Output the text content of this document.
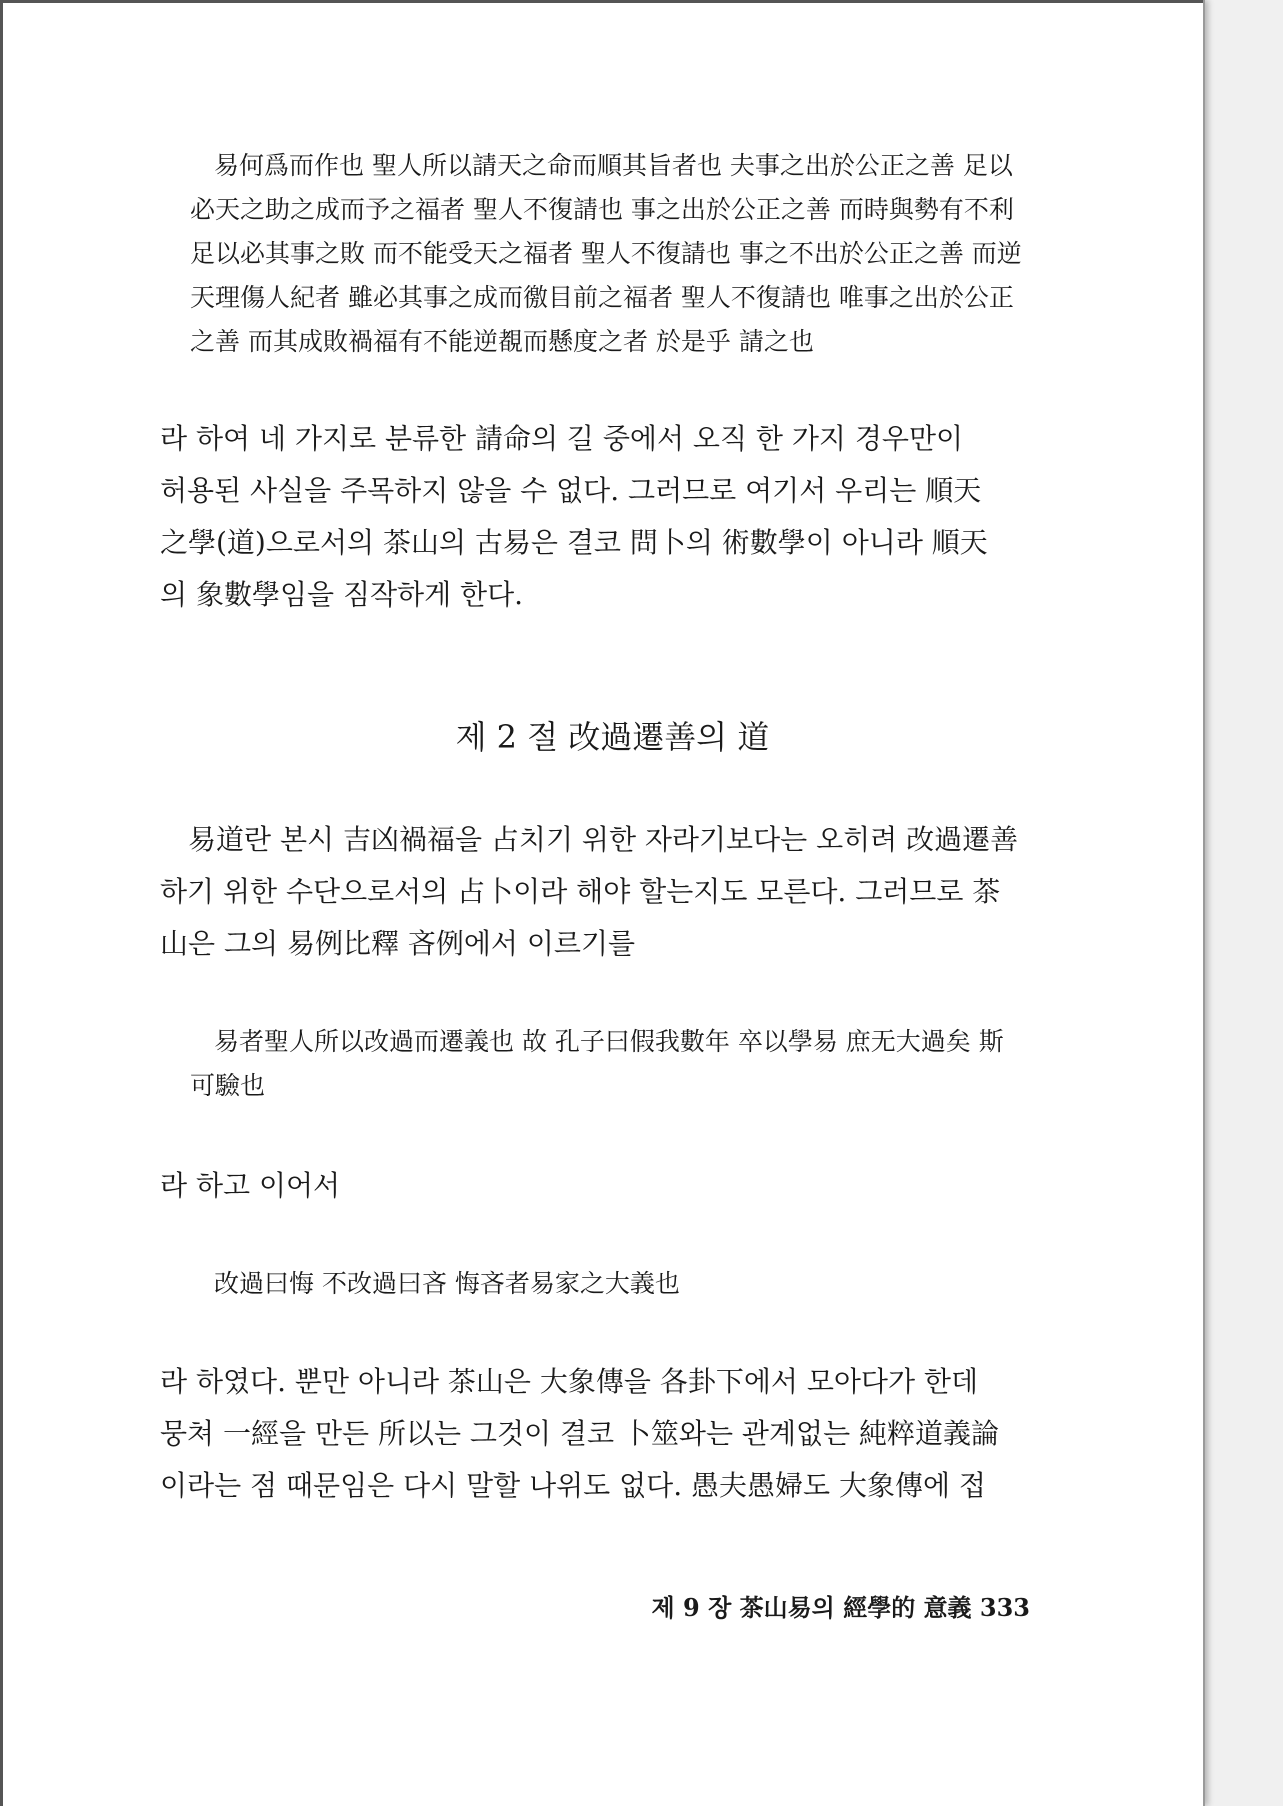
易何爲而作也 聖人所以請天之命而順其旨者也 夫事之出於公正之善 足以
必天之助之成而予之福者 聖人不復請也 事之出於公正之善 而時與勢有不利
足以必其事之敗 而不能受天之福者 聖人不復請也 事之不出於公正之善 而逆
天理傷人紀者 雖必其事之成而徼目前之福者 聖人不復請也 唯事之出於公正
之善 而其成敗禍福有不能逆覩而懸度之者 於是乎 請之也
라 하여 네 가지로 분류한 請命의 길 중에서 오직 한 가지 경우만이
허용된 사실을 주목하지 않을 수 없다. 그러므로 여기서 우리는 順天
之學(道)으로서의 茶山의 古易은 결코 問卜의 術數學이 아니라 順天
의 象數學임을 짐작하게 한다.
제 2 절 改過遷善의 道
易道란 본시 吉凶禍福을 占치기 위한 자라기보다는 오히려 改過遷善
하기 위한 수단으로서의 占卜이라 해야 할는지도 모른다. 그러므로 茶
山은 그의 易例比釋 吝例에서 이르기를
易者聖人所以改過而遷義也 故 孔子曰假我數年 卒以學易 庶无大過矣 斯
可驗也
라 하고 이어서
改過曰悔 不改過曰吝 悔吝者易家之大義也
라 하였다. 뿐만 아니라 茶山은 大象傳을 各卦下에서 모아다가 한데
뭉쳐 一經을 만든 所以는 그것이 결코 卜筮와는 관계없는 純粹道義論
이라는 점 때문임은 다시 말할 나위도 없다. 愚夫愚婦도 大象傳에 접
제 9 장 茶山易의 經學的 意義 333
